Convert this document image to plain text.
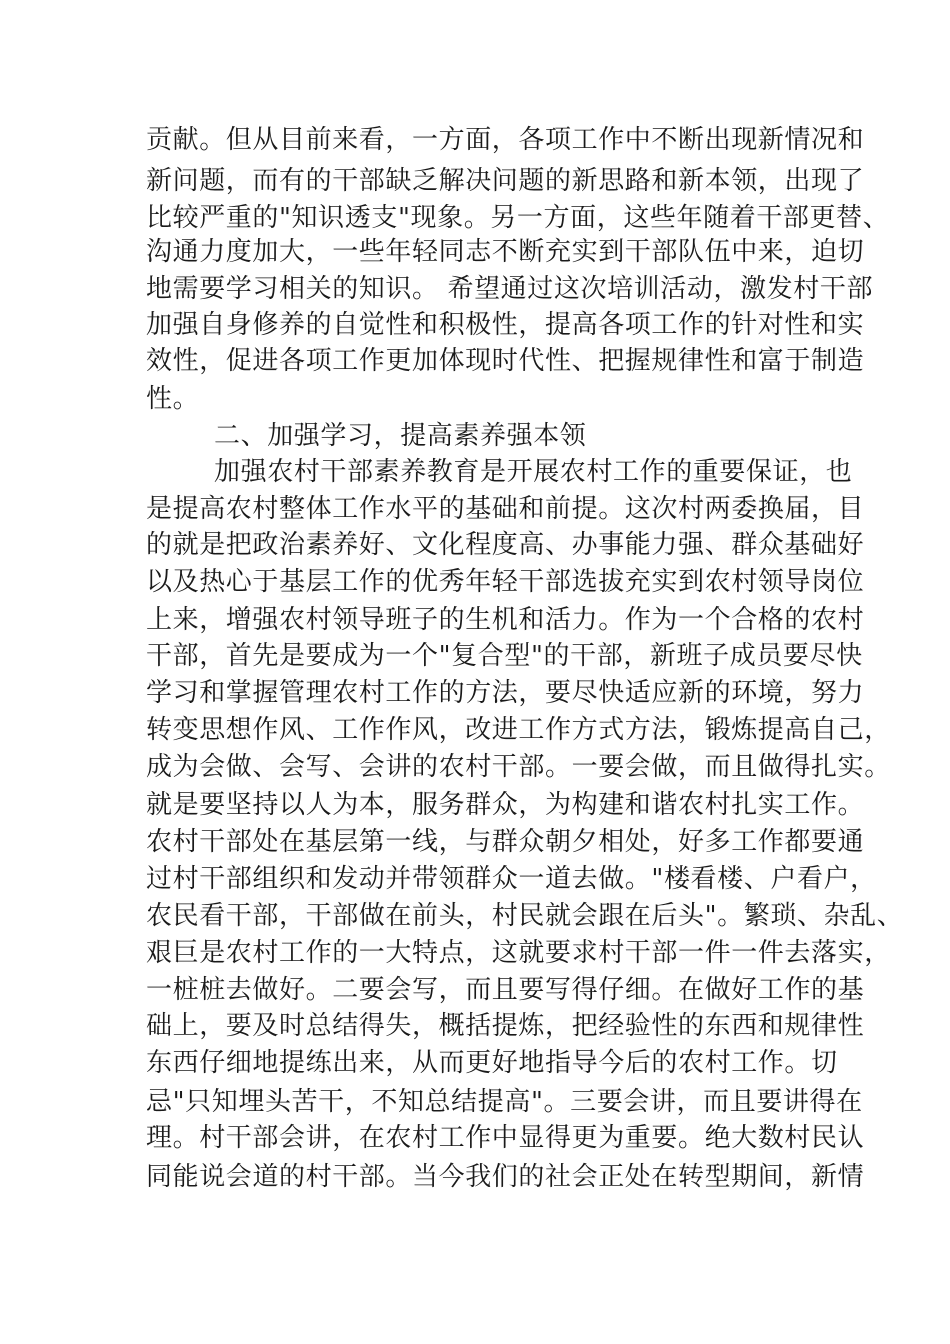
贡献。但从目前来看，一方面，各项工作中不断出现新情况和
新问题，而有的干部缺乏解决问题的新思路和新本领，出现了
比较严重的"知识透支"现象。另一方面，这些年随着干部更替、
沟通力度加大，一些年轻同志不断充实到干部队伍中来，迫切
地需要学习相关的知识。 希望通过这次培训活动，激发村干部
加强自身修养的自觉性和积极性，提高各项工作的针对性和实
效性，促进各项工作更加体现时代性、把握规律性和富于制造
性。
二、加强学习，提高素养强本领
加强农村干部素养教育是开展农村工作的重要保证，也
是提高农村整体工作水平的基础和前提。这次村两委换届，目
的就是把政治素养好、文化程度高、办事能力强、群众基础好
以及热心于基层工作的优秀年轻干部选拔充实到农村领导岗位
上来，增强农村领导班子的生机和活力。作为一个合格的农村
干部，首先是要成为一个"复合型"的干部，新班子成员要尽快
学习和掌握管理农村工作的方法，要尽快适应新的环境，努力
转变思想作风、工作作风，改进工作方式方法，锻炼提高自己，
成为会做、会写、会讲的农村干部。一要会做，而且做得扎实。
就是要坚持以人为本，服务群众，为构建和谐农村扎实工作。
农村干部处在基层第一线，与群众朝夕相处，好多工作都要通
过村干部组织和发动并带领群众一道去做。"楼看楼、户看户，
农民看干部，干部做在前头，村民就会跟在后头"。繁琐、杂乱、
艰巨是农村工作的一大特点，这就要求村干部一件一件去落实，
一桩桩去做好。二要会写，而且要写得仔细。在做好工作的基
础上，要及时总结得失，概括提炼，把经验性的东西和规律性
东西仔细地提练出来，从而更好地指导今后的农村工作。切
忌"只知埋头苦干，不知总结提高"。三要会讲，而且要讲得在
理。村干部会讲，在农村工作中显得更为重要。绝大数村民认
同能说会道的村干部。当今我们的社会正处在转型期间，新情
